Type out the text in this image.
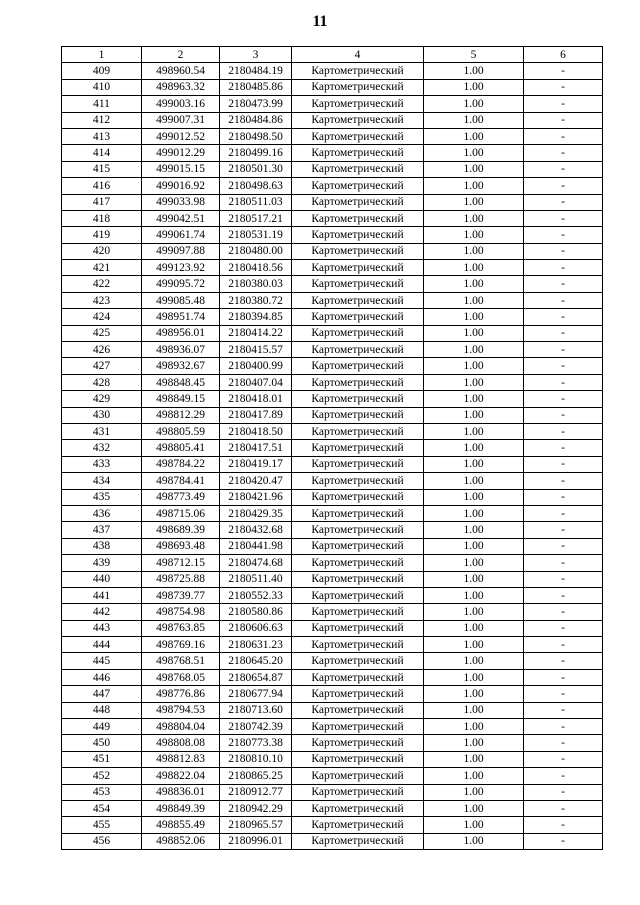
11
1	2	3	4	5	6
409	498960.54	2180484.19	Картометрический	1.00	-
410	498963.32	2180485.86	Картометрический	1.00	-
411	499003.16	2180473.99	Картометрический	1.00	-
412	499007.31	2180484.86	Картометрический	1.00	-
413	499012.52	2180498.50	Картометрический	1.00	-
414	499012.29	2180499.16	Картометрический	1.00	-
415	499015.15	2180501.30	Картометрический	1.00	-
416	499016.92	2180498.63	Картометрический	1.00	-
417	499033.98	2180511.03	Картометрический	1.00	-
418	499042.51	2180517.21	Картометрический	1.00	-
419	499061.74	2180531.19	Картометрический	1.00	-
420	499097.88	2180480.00	Картометрический	1.00	-
421	499123.92	2180418.56	Картометрический	1.00	-
422	499095.72	2180380.03	Картометрический	1.00	-
423	499085.48	2180380.72	Картометрический	1.00	-
424	498951.74	2180394.85	Картометрический	1.00	-
425	498956.01	2180414.22	Картометрический	1.00	-
426	498936.07	2180415.57	Картометрический	1.00	-
427	498932.67	2180400.99	Картометрический	1.00	-
428	498848.45	2180407.04	Картометрический	1.00	-
429	498849.15	2180418.01	Картометрический	1.00	-
430	498812.29	2180417.89	Картометрический	1.00	-
431	498805.59	2180418.50	Картометрический	1.00	-
432	498805.41	2180417.51	Картометрический	1.00	-
433	498784.22	2180419.17	Картометрический	1.00	-
434	498784.41	2180420.47	Картометрический	1.00	-
435	498773.49	2180421.96	Картометрический	1.00	-
436	498715.06	2180429.35	Картометрический	1.00	-
437	498689.39	2180432.68	Картометрический	1.00	-
438	498693.48	2180441.98	Картометрический	1.00	-
439	498712.15	2180474.68	Картометрический	1.00	-
440	498725.88	2180511.40	Картометрический	1.00	-
441	498739.77	2180552.33	Картометрический	1.00	-
442	498754.98	2180580.86	Картометрический	1.00	-
443	498763.85	2180606.63	Картометрический	1.00	-
444	498769.16	2180631.23	Картометрический	1.00	-
445	498768.51	2180645.20	Картометрический	1.00	-
446	498768.05	2180654.87	Картометрический	1.00	-
447	498776.86	2180677.94	Картометрический	1.00	-
448	498794.53	2180713.60	Картометрический	1.00	-
449	498804.04	2180742.39	Картометрический	1.00	-
450	498808.08	2180773.38	Картометрический	1.00	-
451	498812.83	2180810.10	Картометрический	1.00	-
452	498822.04	2180865.25	Картометрический	1.00	-
453	498836.01	2180912.77	Картометрический	1.00	-
454	498849.39	2180942.29	Картометрический	1.00	-
455	498855.49	2180965.57	Картометрический	1.00	-
456	498852.06	2180996.01	Картометрический	1.00	-
